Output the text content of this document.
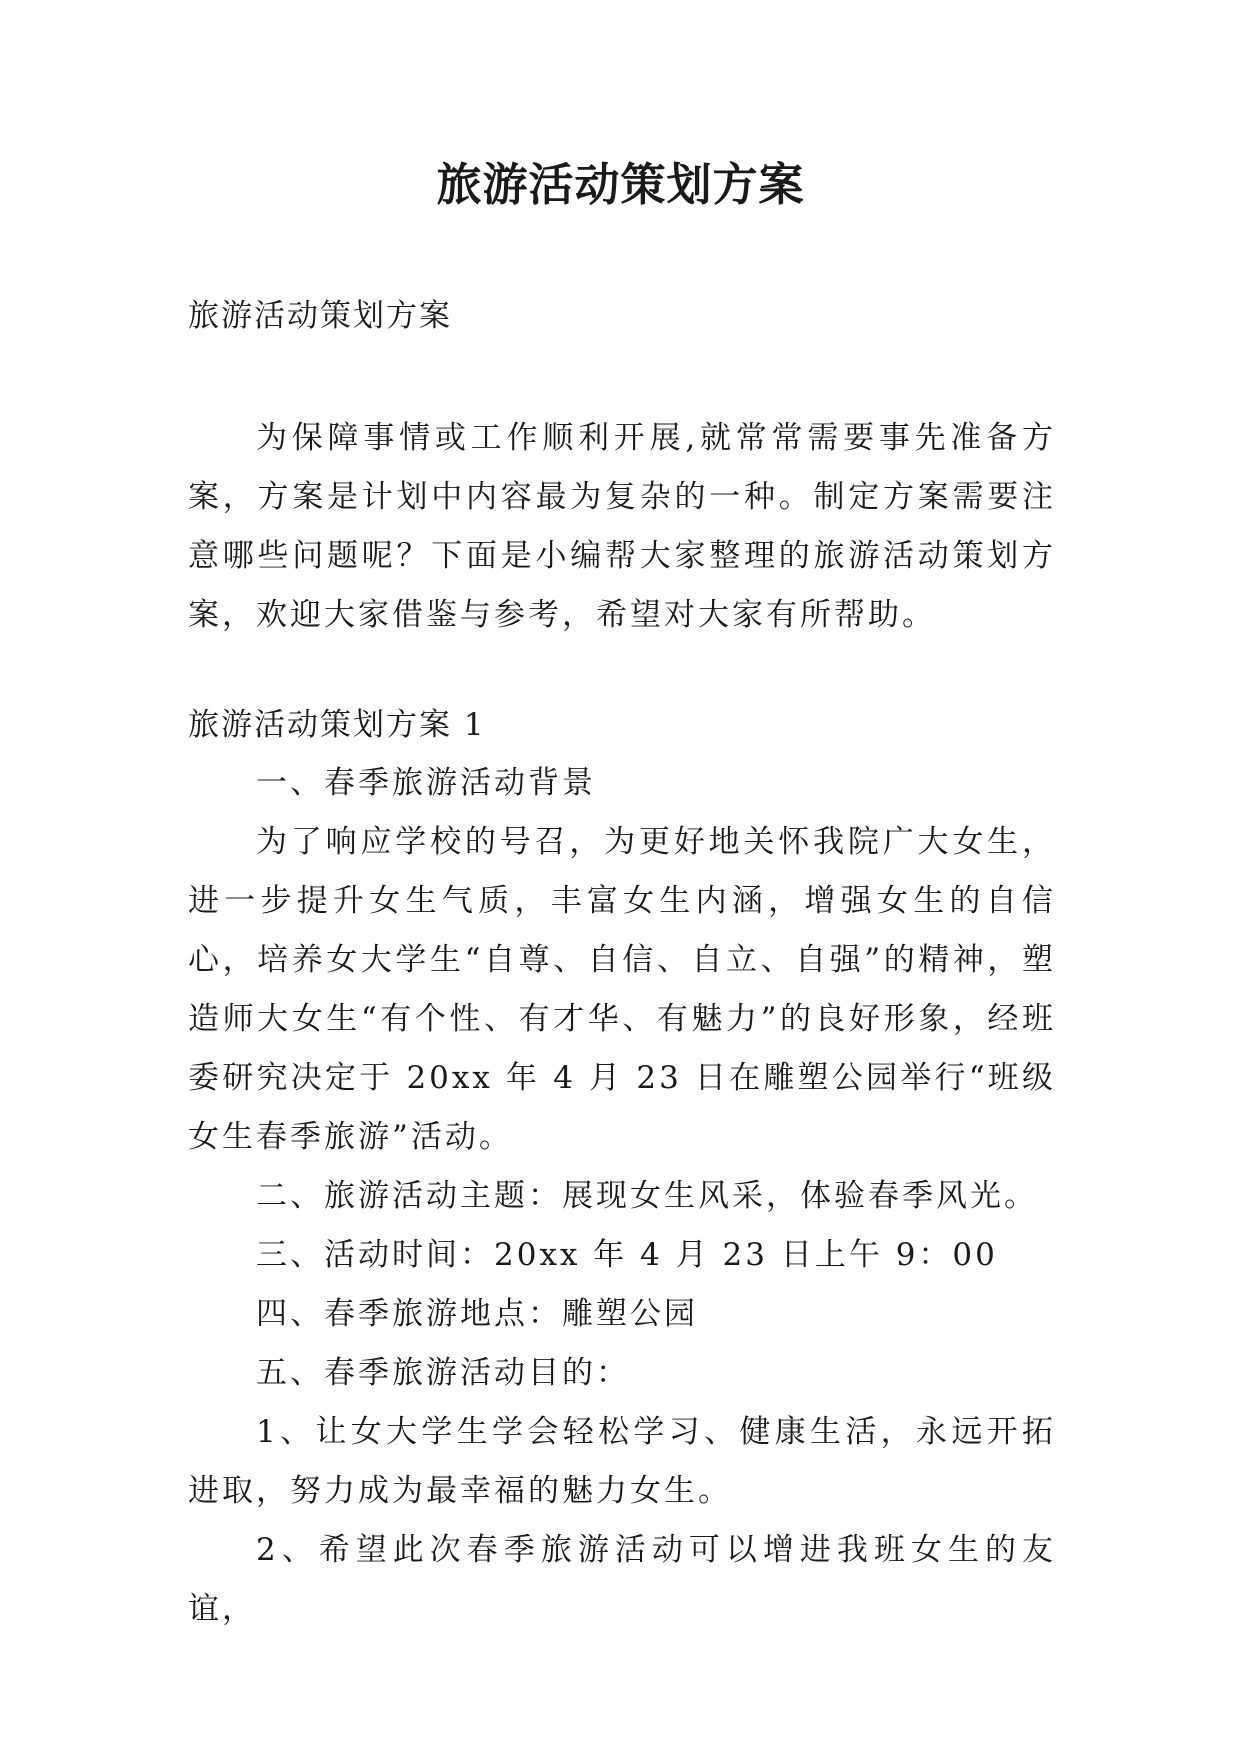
旅游活动策划方案

旅游活动策划方案

为保障事情或工作顺利开展,就常常需要事先准备方案，方案是计划中内容最为复杂的一种。制定方案需要注意哪些问题呢？下面是小编帮大家整理的旅游活动策划方案，欢迎大家借鉴与参考，希望对大家有所帮助。

旅游活动策划方案 1

一、春季旅游活动背景

为了响应学校的号召，为更好地关怀我院广大女生，进一步提升女生气质，丰富女生内涵，增强女生的自信心，培养女大学生“自尊、自信、自立、自强”的精神，塑造师大女生“有个性、有才华、有魅力”的良好形象，经班委研究决定于 20xx 年 4 月 23 日在雕塑公园举行“班级女生春季旅游”活动。

二、旅游活动主题：展现女生风采，体验春季风光。

三、活动时间：20xx 年 4 月 23 日上午 9：00

四、春季旅游地点：雕塑公园

五、春季旅游活动目的：

1、让女大学生学会轻松学习、健康生活，永远开拓进取，努力成为最幸福的魅力女生。

2、希望此次春季旅游活动可以增进我班女生的友谊，
